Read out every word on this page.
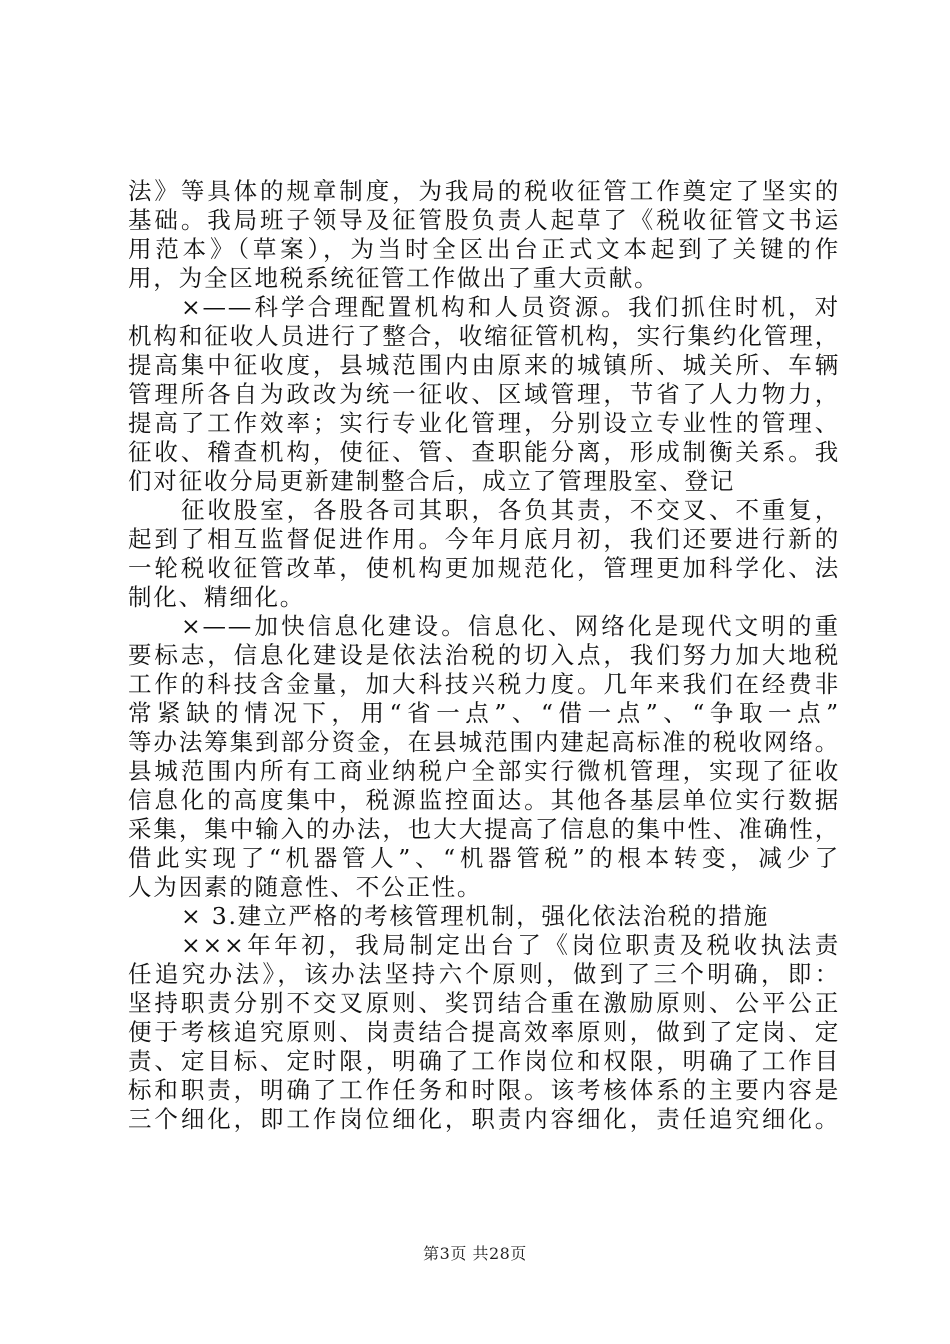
法》等具体的规章制度，为我局的税收征管工作奠定了坚实的
基础。我局班子领导及征管股负责人起草了《税收征管文书运
用范本》（草案），为当时全区出台正式文本起到了关键的作
用，为全区地税系统征管工作做出了重大贡献。
×——科学合理配置机构和人员资源。我们抓住时机，对
机构和征收人员进行了整合，收缩征管机构，实行集约化管理，
提高集中征收度，县城范围内由原来的城镇所、城关所、车辆
管理所各自为政改为统一征收、区域管理，节省了人力物力，
提高了工作效率；实行专业化管理，分别设立专业性的管理、
征收、稽查机构，使征、管、查职能分离，形成制衡关系。我
们对征收分局更新建制整合后，成立了管理股室、登记
征收股室，各股各司其职，各负其责，不交叉、不重复，
起到了相互监督促进作用。今年月底月初，我们还要进行新的
一轮税收征管改革，使机构更加规范化，管理更加科学化、法
制化、精细化。
×——加快信息化建设。信息化、网络化是现代文明的重
要标志，信息化建设是依法治税的切入点，我们努力加大地税
工作的科技含金量，加大科技兴税力度。几年来我们在经费非
常紧缺的情况下，用“省一点”、“借一点”、“争取一点”
等办法筹集到部分资金，在县城范围内建起高标准的税收网络。
县城范围内所有工商业纳税户全部实行微机管理，实现了征收
信息化的高度集中，税源监控面达。其他各基层单位实行数据
采集，集中输入的办法，也大大提高了信息的集中性、准确性，
借此实现了“机器管人”、“机器管税”的根本转变，减少了
人为因素的随意性、不公正性。
× 3.建立严格的考核管理机制，强化依法治税的措施
×××年年初，我局制定出台了《岗位职责及税收执法责
任追究办法》，该办法坚持六个原则，做到了三个明确，即：
坚持职责分别不交叉原则、奖罚结合重在激励原则、公平公正
便于考核追究原则、岗责结合提高效率原则，做到了定岗、定
责、定目标、定时限，明确了工作岗位和权限，明确了工作目
标和职责，明确了工作任务和时限。该考核体系的主要内容是
三个细化，即工作岗位细化，职责内容细化，责任追究细化。
第3页 共28页
